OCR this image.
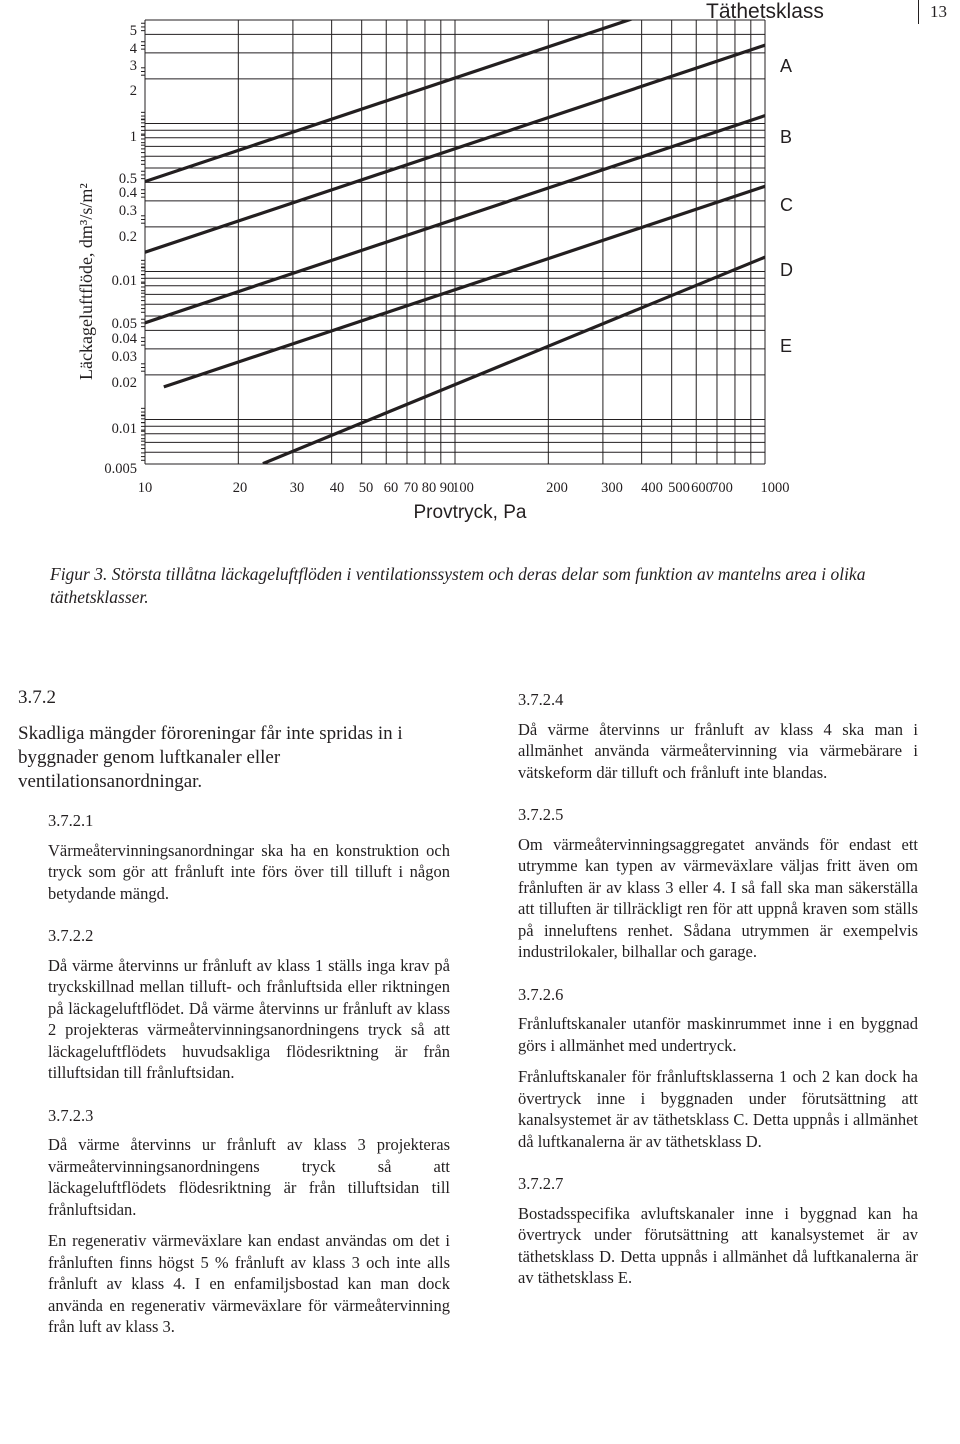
13
A
B
C
D
E
10	20	30 40 50 60 70 80 90
100	200 300 400 500 600
700 1000
5
4
3
2
1
0.5
0.4
0.3
0.2
0.01
0.05
0.04
0.03
0.02
0.01
0.005
Provtryck, Pa
Täthetsklass
Läckageluftflöde, dm³/s/m²
Figur 3. Största tillåtna läckageluftflöden i ventilationssystem och deras delar som funktion av mantelns area i olika täthetsklasser.

3.7.2

Skadliga mängder föroreningar får inte spridas in i byggnader genom luftkanaler eller ventilationsanordningar.

3.7.2.1

Värmeåtervinningsanordningar ska ha en konstruktion och tryck som gör att frånluft inte förs över till tilluft i någon betydande mängd.

3.7.2.2

Då värme återvinns ur frånluft av klass 1 ställs inga krav på tryckskillnad mellan tilluft- och frånluftsida eller riktningen på läckageluftflödet. Då värme återvinns ur frånluft av klass 2 projekteras värmeåtervinningsanordningens tryck så att läckageluftflödets huvudsakliga flödesriktning är från tilluftsidan till frånluftsidan.

3.7.2.3

Då värme återvinns ur frånluft av klass 3 projekteras värmeåtervinningsanordningens tryck så att läckageluftflödets flödesriktning är från tilluftsidan till frånluftsidan.

En regenerativ värmeväxlare kan endast användas om det i frånluften finns högst 5 % frånluft av klass 3 och inte alls frånluft av klass 4. I en enfamiljsbostad kan man dock använda en regenerativ värmeväxlare för värmeåtervinning från luft av klass 3.

3.7.2.4

Då värme återvinns ur frånluft av klass 4 ska man i allmänhet använda värmeåtervinning via värmebärare i vätskeform där tilluft och frånluft inte blandas.

3.7.2.5

Om värmeåtervinningsaggregatet används för endast ett utrymme kan typen av värmeväxlare väljas fritt även om frånluften är av klass 3 eller 4. I så fall ska man säkerställa att tilluften är tillräckligt ren för att uppnå kraven som ställs på inneluftens renhet. Sådana utrymmen är exempelvis industrilokaler, bilhallar och garage.

3.7.2.6

Frånluftskanaler utanför maskinrummet inne i en byggnad görs i allmänhet med undertryck.

Frånluftskanaler för frånluftsklasserna 1 och 2 kan dock ha övertryck inne i byggnaden under förutsättning att kanalsystemet är av täthetsklass C. Detta uppnås i allmänhet då luftkanalerna är av täthetsklass D.

3.7.2.7

Bostadsspecifika avluftskanaler inne i byggnad kan ha övertryck under förutsättning att kanalsystemet är av täthetsklass D. Detta uppnås i allmänhet då luftkanalerna är av täthetsklass E.
